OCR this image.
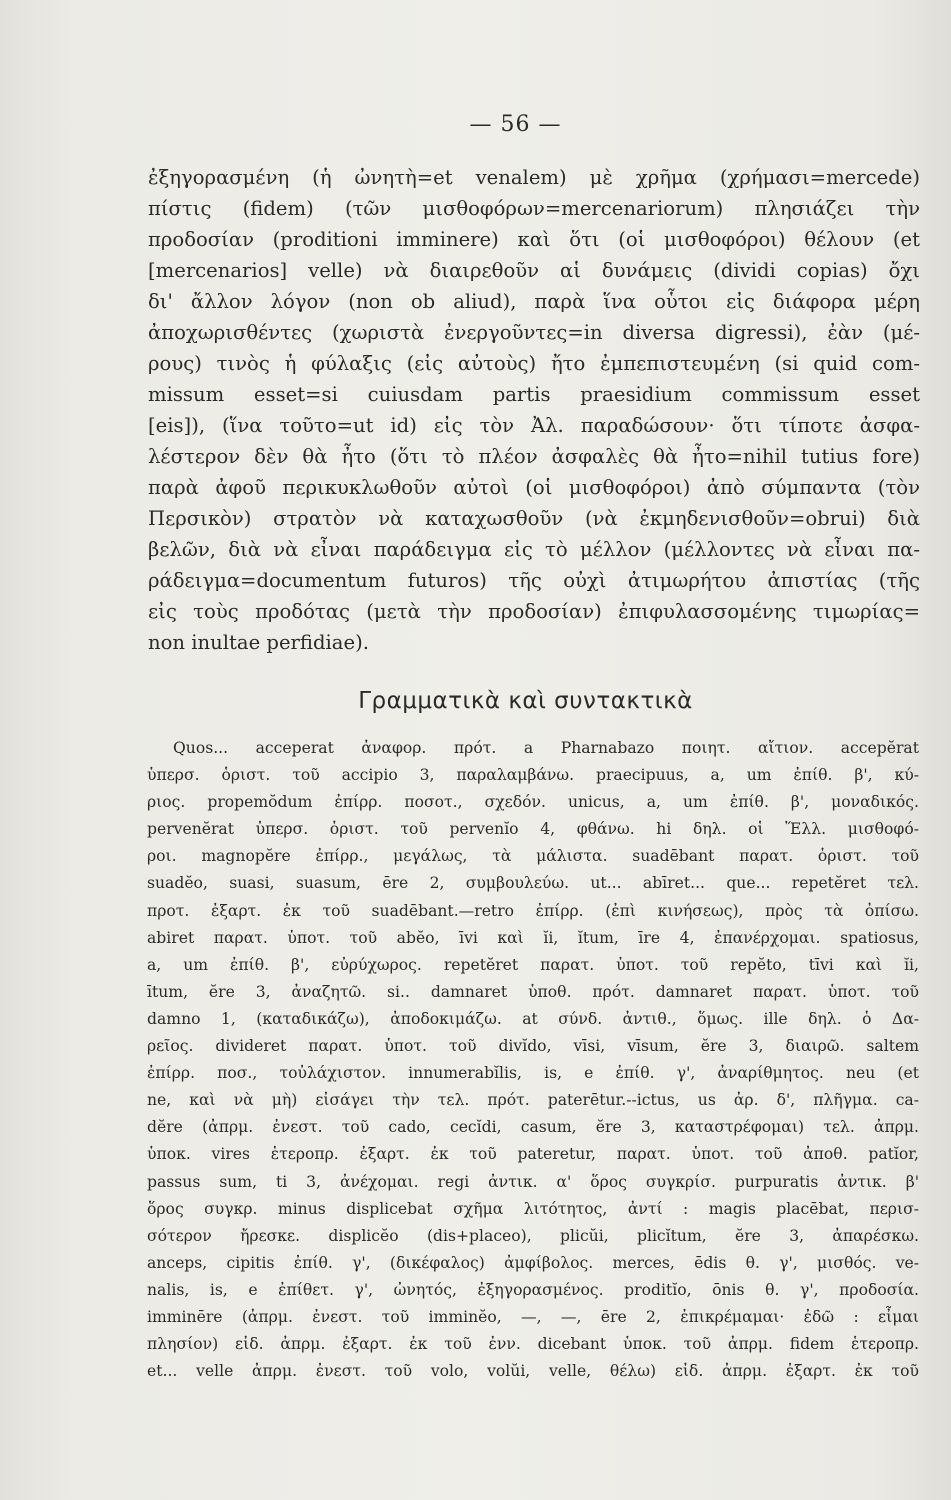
— 56 —
ἐξηγορασμένη (ἡ ὠνητὴ=et venalem) μὲ χρῆμα (χρήμασι=mercede)
πίστις (fidem) (τῶν μισθοφόρων=mercenariorum) πλησιάζει τὴν
προδοσίαν (proditioni imminere) καὶ ὅτι (οἱ μισθοφόροι) θέλουν (et
[mercenarios] velle) νὰ διαιρεθοῦν αἱ δυνάμεις (dividi copias) ὄχι
δι' ἄλλον λόγον (non ob aliud), παρὰ ἵνα οὗτοι εἰς διάφορα μέρη
ἀποχωρισθέντες (χωριστὰ ἐνεργοῦντες=in diversa digressi), ἐὰν (μέ-
ρους) τινὸς ἡ φύλαξις (εἰς αὐτοὺς) ἤτο ἐμπεπιστευμένη (si quid com-
missum esset=si cuiusdam partis praesidium commissum esset
[eis]), (ἵνα τοῦτο=ut id) εἰς τὸν Ἀλ. παραδώσουν· ὅτι τίποτε ἀσφα-
λέστερον δὲν θὰ ἦτο (ὅτι τὸ πλέον ἀσφαλὲς θὰ ἦτο=nihil tutius fore)
παρὰ ἀφοῦ περικυκλωθοῦν αὐτοὶ (οἱ μισθοφόροι) ἀπὸ σύμπαντα (τὸν
Περσικὸν) στρατὸν νὰ καταχωσθοῦν (νὰ ἐκμηδενισθοῦν=obrui) διὰ
βελῶν, διὰ νὰ εἶναι παράδειγμα εἰς τὸ μέλλον (μέλλοντες νὰ εἶναι πα-
ράδειγμα=documentum futuros) τῆς οὐχὶ ἀτιμωρήτου ἀπιστίας (τῆς
εἰς τοὺς προδότας (μετὰ τὴν προδοσίαν) ἐπιφυλασσομένης τιμωρίας=
non inultae perfidiae).
Γραμματικὰ καὶ συντακτικὰ
Quos... acceperat ἀναφορ. πρότ. a Pharnabazo ποιητ. αἴτιον. accepĕrat
ὑπερσ. ὁριστ. τοῦ accipio 3, παραλαμβάνω. praecipuus, a, um ἐπίθ. β', κύ-
ριος. propemŏdum ἐπίρρ. ποσοτ., σχεδόν. unicus, a, um ἐπίθ. β', μοναδικός.
pervenĕrat ὑπερσ. ὁριστ. τοῦ pervenĭo 4, φθάνω. hi δηλ. οἱ Ἕλλ. μισθοφό-
ροι. magnopĕre ἐπίρρ., μεγάλως, τὰ μάλιστα. suadēbant παρατ. ὁριστ. τοῦ
suadĕo, suasi, suasum, ēre 2, συμβουλεύω. ut... abīret... que... repetĕret τελ.
προτ. ἐξαρτ. ἐκ τοῦ suadēbant.—retro ἐπίρρ. (ἐπὶ κινήσεως), πρὸς τὰ ὀπίσω.
abiret παρατ. ὑποτ. τοῦ abĕo, īvi καὶ ĭi, ĭtum, īre 4, ἐπανέρχομαι. spatiosus,
a, um ἐπίθ. β', εὐρύχωρος. repetĕret παρατ. ὑποτ. τοῦ repĕto, tīvi καὶ ĭi,
ītum, ĕre 3, ἀναζητῶ. si.. damnaret ὑποθ. πρότ. damnaret παρατ. ὑποτ. τοῦ
damno 1, (καταδικάζω), ἀποδοκιμάζω. at σύνδ. ἀντιθ., ὅμως. ille δηλ. ὁ Δα-
ρεῖος. divideret παρατ. ὑποτ. τοῦ divĭdo, vīsi, vīsum, ĕre 3, διαιρῶ. saltem
ἐπίρρ. ποσ., τοὐλάχιστον. innumerabĭlis, is, e ἐπίθ. γ', ἀναρίθμητος. neu (et
ne, καὶ νὰ μὴ) εἰσάγει τὴν τελ. πρότ. paterētur.--ictus, us ἀρ. δ', πλῆγμα. ca-
dĕre (ἀπρμ. ἐνεστ. τοῦ cado, cecĭdi, casum, ĕre 3, καταστρέφομαι) τελ. ἀπρμ.
ὑποκ. vires ἑτεροπρ. ἐξαρτ. ἐκ τοῦ pateretur, παρατ. ὑποτ. τοῦ ἀποθ. patĭor,
passus sum, ti 3, ἀνέχομαι. regi ἀντικ. α' ὅρος συγκρίσ. purpuratis ἀντικ. β'
ὅρος συγκρ. minus displicebat σχῆμα λιτότητος, ἀντί : magis placēbat, περισ-
σότερον ἤρεσκε. displicĕo (dis+placeo), plicŭi, plicĭtum, ĕre 3, ἀπαρέσκω.
anceps, cipitis ἐπίθ. γ', (δικέφαλος) ἀμφίβολος. merces, ēdis θ. γ', μισθός. ve-
nalis, is, e ἐπίθετ. γ', ὠνητός, ἐξηγορασμένος. proditĭo, ōnis θ. γ', προδοσία.
imminēre (ἀπρμ. ἐνεστ. τοῦ imminĕo, —, —, ēre 2, ἐπικρέμαμαι· ἐδῶ : εἶμαι
πλησίον) εἰδ. ἀπρμ. ἐξαρτ. ἐκ τοῦ ἐνν. dicebant ὑποκ. τοῦ ἀπρμ. fidem ἑτεροπρ.
et... velle ἀπρμ. ἐνεστ. τοῦ volo, volŭi, velle, θέλω) εἰδ. ἀπρμ. ἐξαρτ. ἐκ τοῦ
